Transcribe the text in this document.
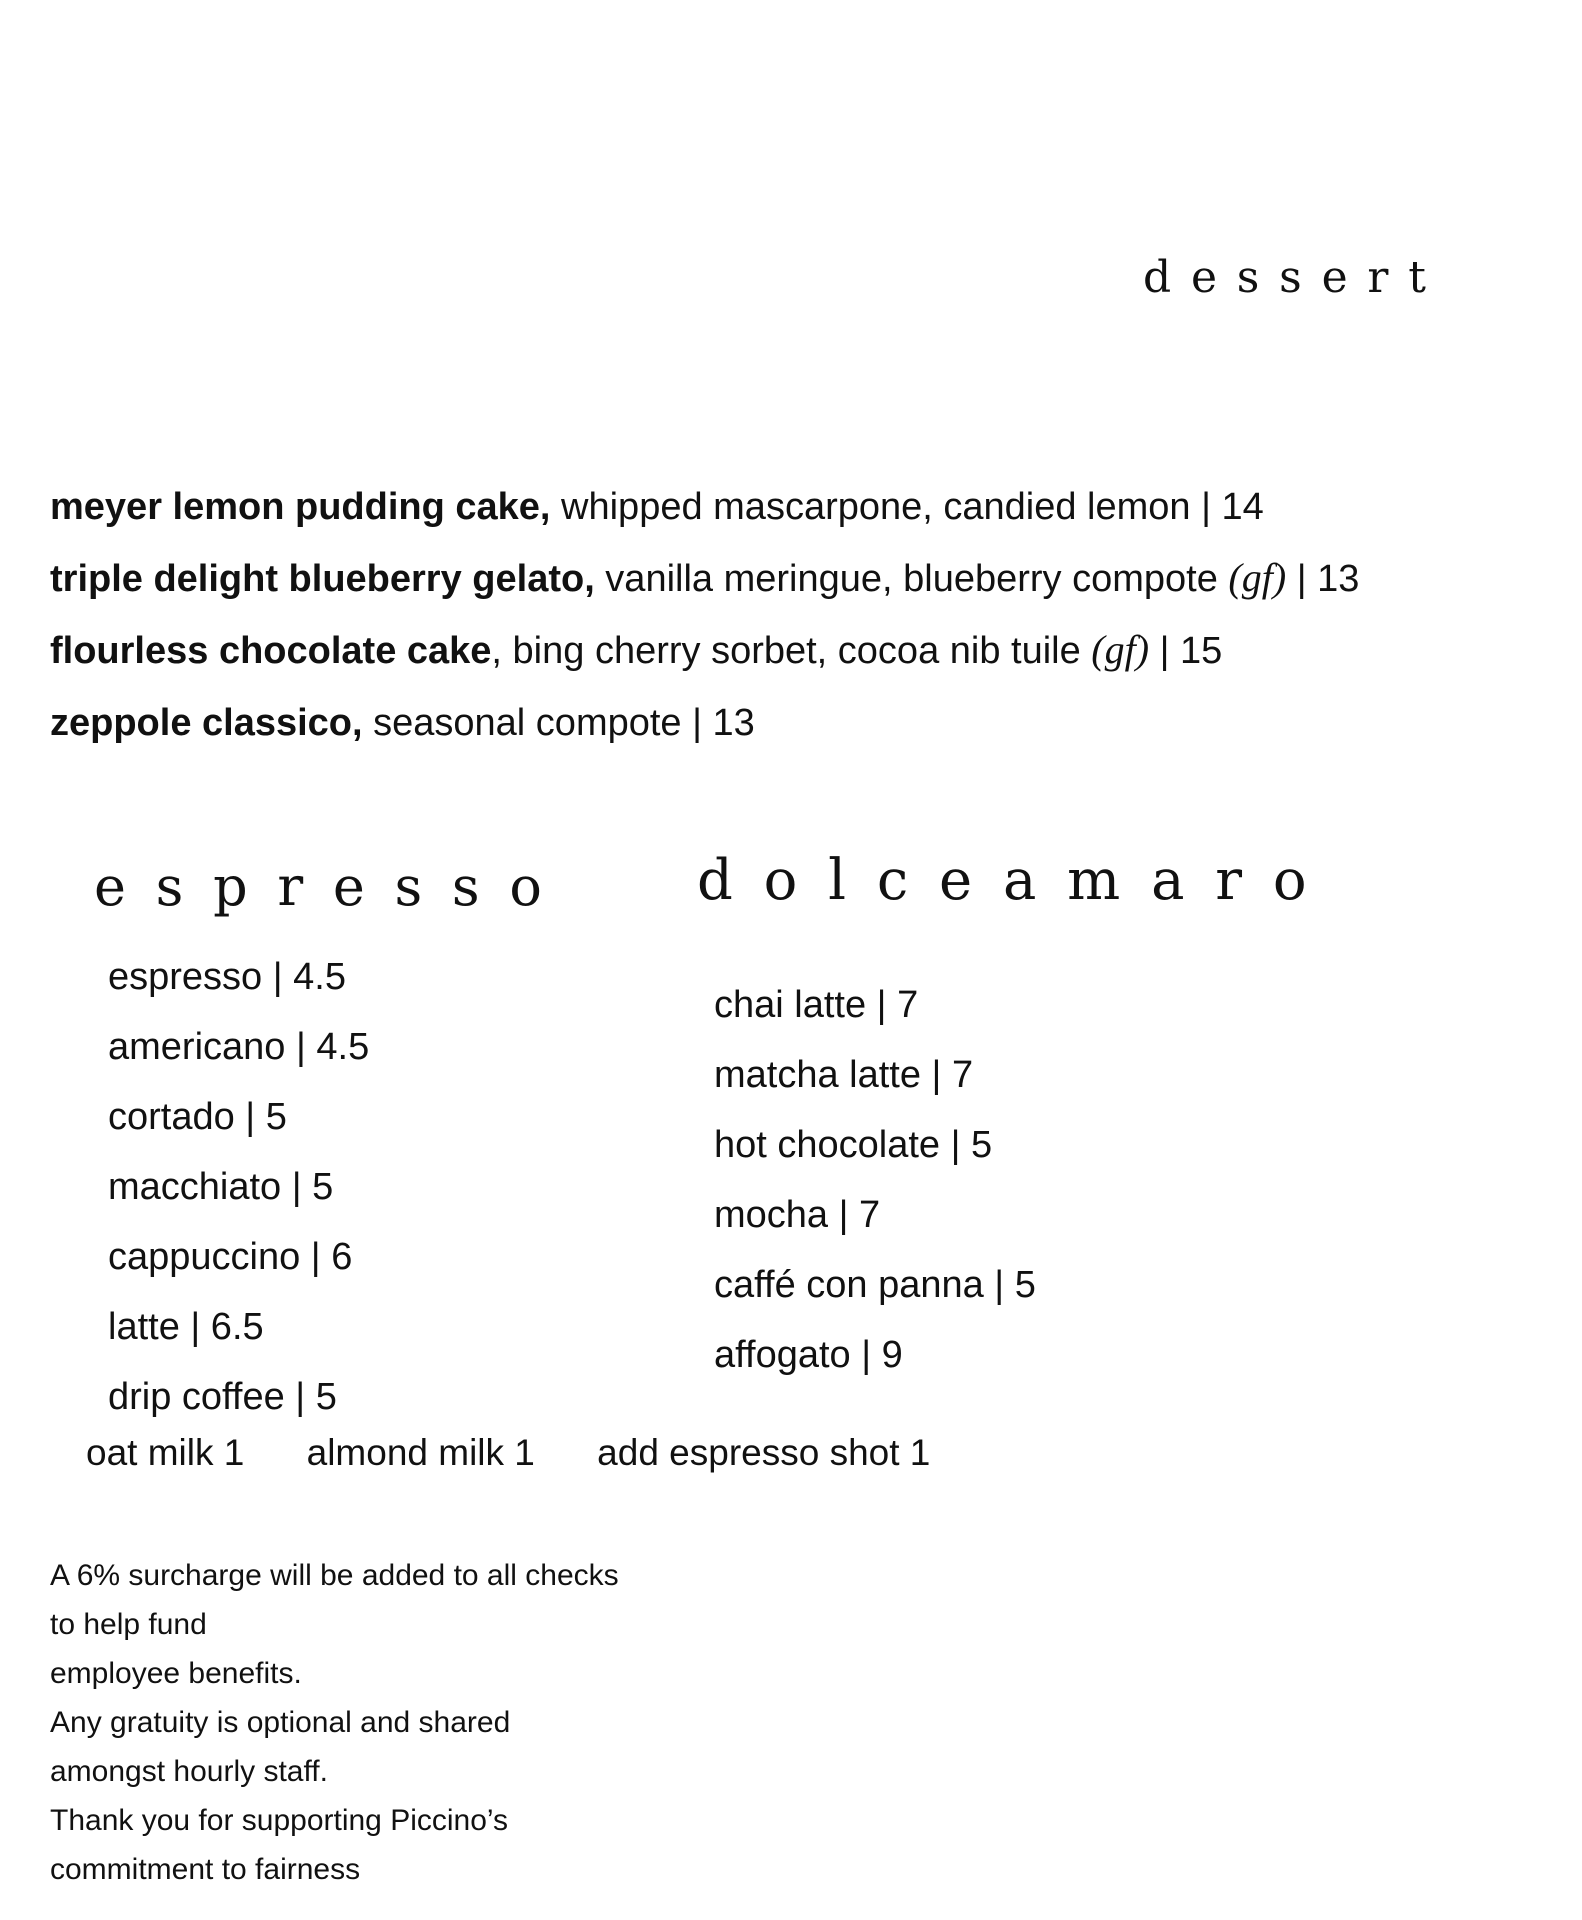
dessert
meyer lemon pudding cake, whipped mascarpone, candied lemon | 14
triple delight blueberry gelato, vanilla meringue, blueberry compote (gf) | 13
flourless chocolate cake, bing cherry sorbet, cocoa nib tuile (gf) | 15
zeppole classico, seasonal compote | 13
espresso dolceamaro
espresso | 4.5
americano | 4.5
cortado | 5
macchiato | 5
cappuccino | 6
latte | 6.5
drip coffee | 5
chai latte | 7
matcha latte | 7
hot chocolate | 5
mocha | 7
caffé con panna | 5
affogato | 9
oat milk 1 almond milk 1 add espresso shot 1
A 6% surcharge will be added to all checks
to help fund
employee benefits.
Any gratuity is optional and shared
amongst hourly staff.
Thank you for supporting Piccino’s
commitment to fairness
